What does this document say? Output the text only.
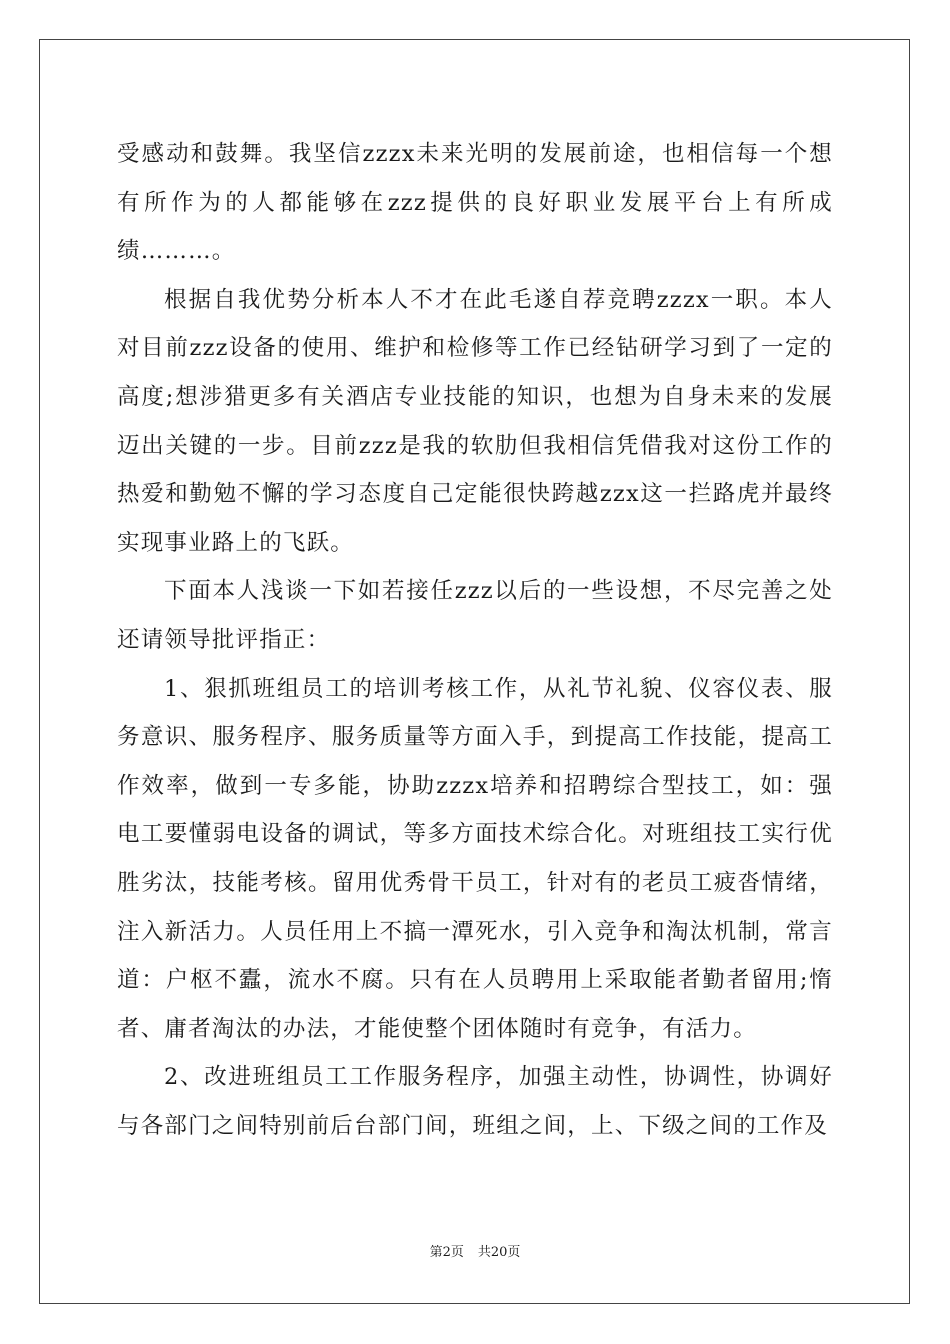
受感动和鼓舞。我坚信zzzx未来光明的发展前途，也相信每一个想有所作为的人都能够在zzz提供的良好职业发展平台上有所成绩………。

根据自我优势分析本人不才在此毛遂自荐竞聘zzzx一职。本人对目前zzz设备的使用、维护和检修等工作已经钻研学习到了一定的高度;想涉猎更多有关酒店专业技能的知识，也想为自身未来的发展迈出关键的一步。目前zzz是我的软肋但我相信凭借我对这份工作的热爱和勤勉不懈的学习态度自己定能很快跨越zzx这一拦路虎并最终实现事业路上的飞跃。

下面本人浅谈一下如若接任zzz以后的一些设想，不尽完善之处还请领导批评指正：

1、狠抓班组员工的培训考核工作，从礼节礼貌、仪容仪表、服务意识、服务程序、服务质量等方面入手，到提高工作技能，提高工作效率，做到一专多能，协助zzzx培养和招聘综合型技工，如：强电工要懂弱电设备的调试，等多方面技术综合化。对班组技工实行优胜劣汰，技能考核。留用优秀骨干员工，针对有的老员工疲沓情绪，注入新活力。人员任用上不搞一潭死水，引入竞争和淘汰机制，常言道：户枢不蠹，流水不腐。只有在人员聘用上采取能者勤者留用;惰者、庸者淘汰的办法，才能使整个团体随时有竞争，有活力。

2、改进班组员工工作服务程序，加强主动性，协调性，协调好与各部门之间特别前后台部门间，班组之间，上、下级之间的工作及

第2页 共20页
